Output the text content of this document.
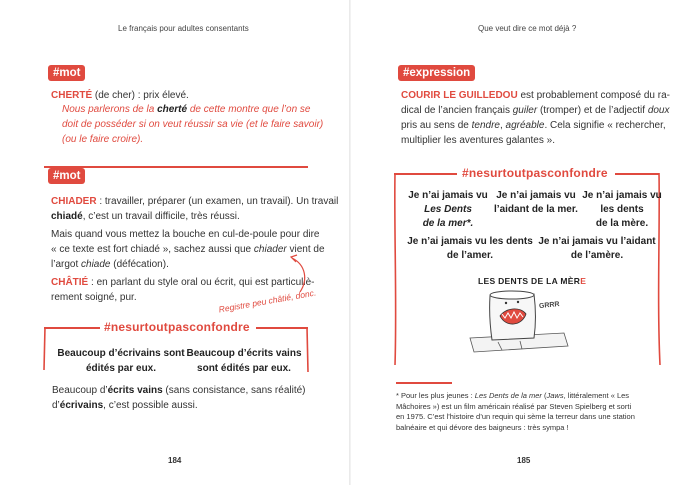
Le français pour adultes consentants
#mot
CHERTÉ (de cher) : prix élevé.
Nous parlerons de la cherté de cette montre que l’on se
doit de posséder si on veut réussir sa vie (et le faire savoir)
(ou le faire croire).
#mot
CHIADER : travailler, préparer (un examen, un travail). Un travail
chiadé, c’est un travail difficile, très réussi.
Mais quand vous mettez la bouche en cul-de-poule pour dire
« ce texte est fort chiadé », sachez aussi que chiader vient de
l’argot chiade (défécation).
CHÂTIÉ : en parlant du style oral ou écrit, qui est particuliè-
rement soigné, pur.	Registre peu châtié, donc.
#nesurtoutpasconfondre
Beaucoup d’écrivains sont
édités par eux.
Beaucoup d’écrits vains
sont édités par eux.
Beaucoup d’écrits vains (sans consistance, sans réalité)
d’écrivains, c’est possible aussi.
184
Que veut dire ce mot déjà ?
#expression
COURIR LE GUILLEDOU est probablement composé du ra-
dical de l’ancien français guiler (tromper) et de l’adjectif doux
pris au sens de tendre, agréable. Cela signifie « rechercher,
multiplier les aventures galantes ».
#nesurtoutpasconfondre
Je n’ai jamais vu
Les Dents
de la mer*.
Je n’ai jamais vu
l’aidant de la mer.
Je n’ai jamais vu
les dents
de la mère.
Je n’ai jamais vu les dents
de l’amer.
Je n’ai jamais vu l’aidant
de l’amère.
LES DENTS DE LA MÈRE
GRRR
* Pour les plus jeunes : Les Dents de la mer (Jaws, littéralement « Les
Mâchoires ») est un film américain réalisé par Steven Spielberg et sorti
en 1975. C’est l’histoire d’un requin qui sème la terreur dans une station
balnéaire et qui dévore des baigneurs : très sympa !
185
